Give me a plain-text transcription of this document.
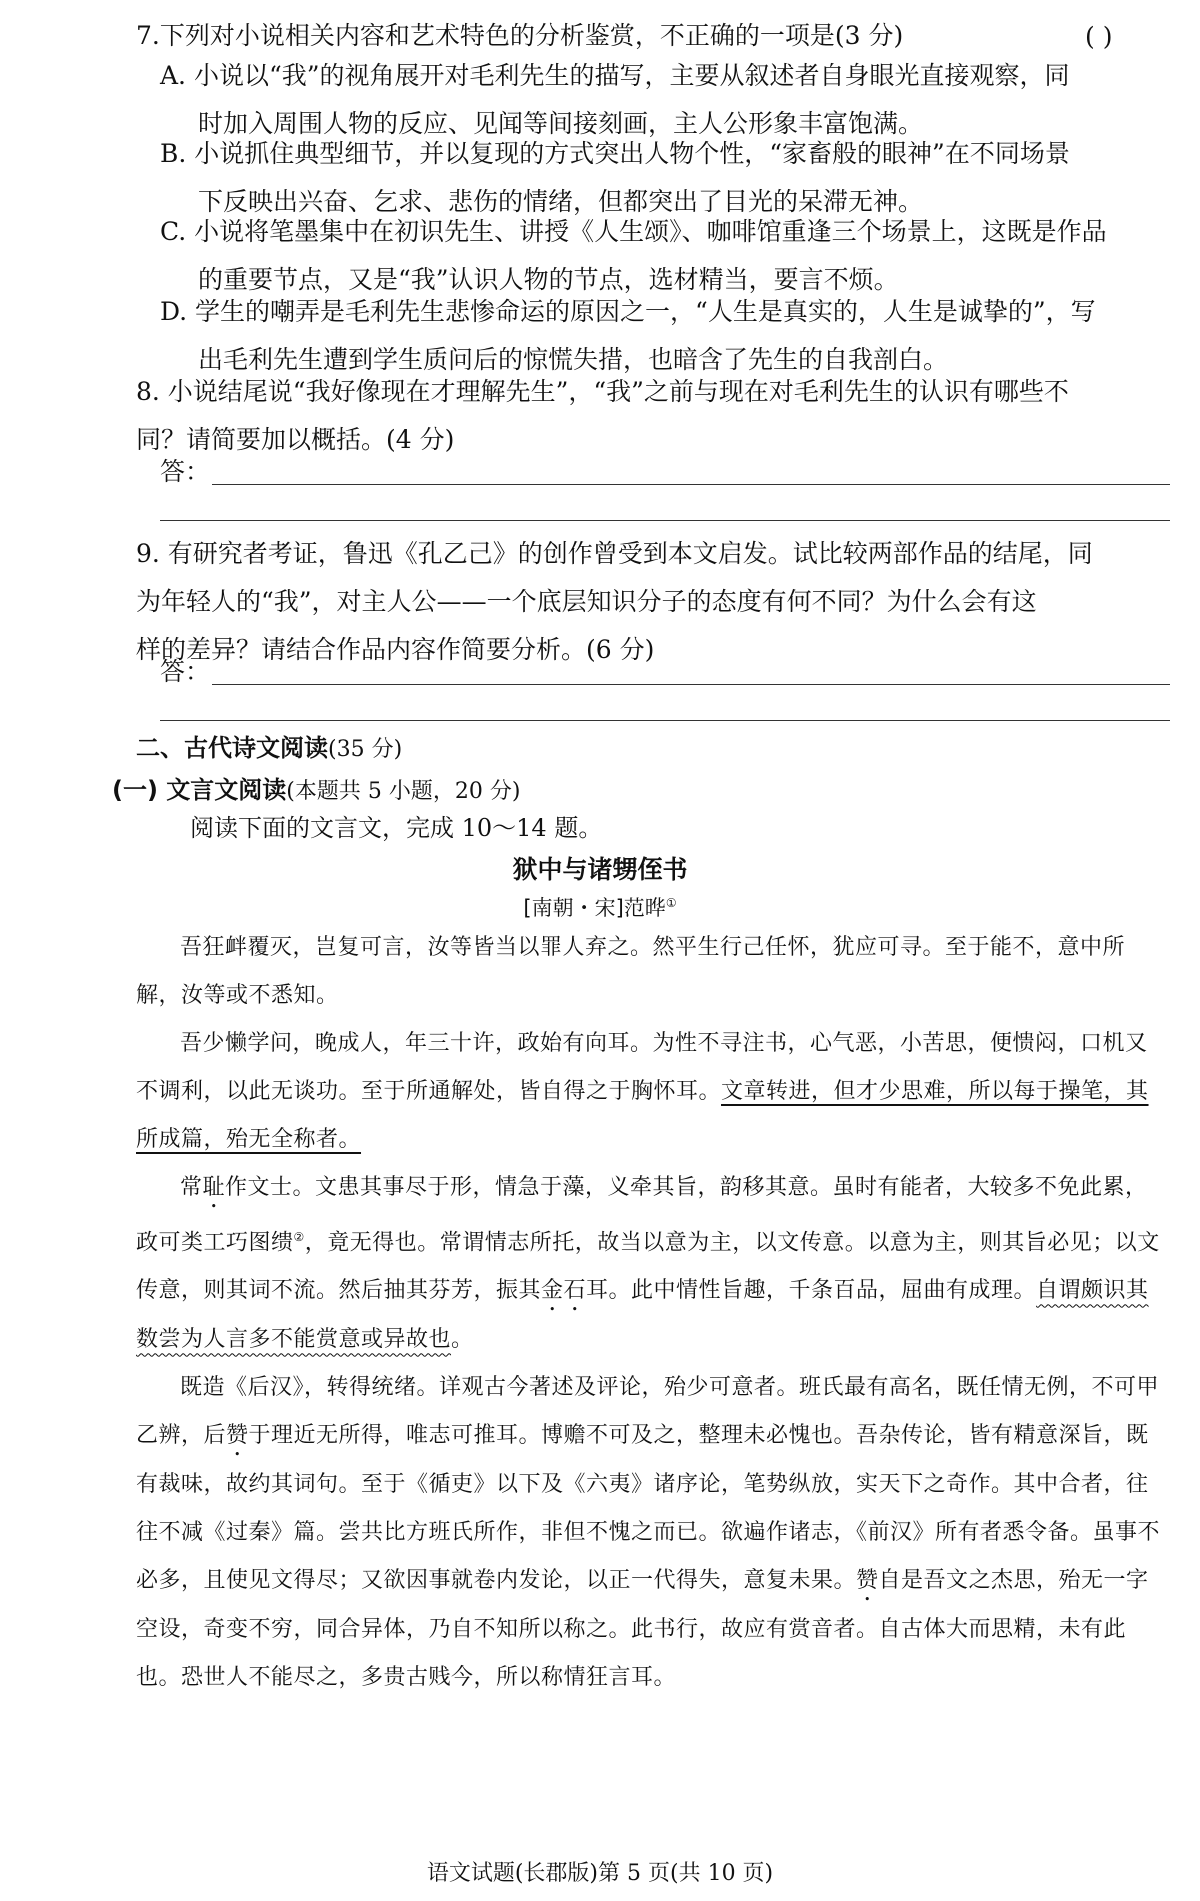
7.下列对小说相关内容和艺术特色的分析鉴赏，不正确的一项是(3 分)	( )
A. 小说以“我”的视角展开对毛利先生的描写，主要从叙述者自身眼光直接观察，同
时加入周围人物的反应、见闻等间接刻画，主人公形象丰富饱满。
B. 小说抓住典型细节，并以复现的方式突出人物个性，“家畜般的眼神”在不同场景
下反映出兴奋、乞求、悲伤的情绪，但都突出了目光的呆滞无神。
C. 小说将笔墨集中在初识先生、讲授《人生颂》、咖啡馆重逢三个场景上，这既是作品
的重要节点，又是“我”认识人物的节点，选材精当，要言不烦。
D. 学生的嘲弄是毛利先生悲惨命运的原因之一，“人生是真实的，人生是诚挚的”，写
出毛利先生遭到学生质问后的惊慌失措，也暗含了先生的自我剖白。
8. 小说结尾说“我好像现在才理解先生”，“我”之前与现在对毛利先生的认识有哪些不
同？请简要加以概括。(4 分)
答：
9. 有研究者考证，鲁迅《孔乙己》的创作曾受到本文启发。试比较两部作品的结尾，同
为年轻人的“我”，对主人公——一个底层知识分子的态度有何不同？为什么会有这
样的差异？请结合作品内容作简要分析。(6 分)
答：
二、古代诗文阅读(35 分)
(一) 文言文阅读(本题共 5 小题，20 分)
阅读下面的文言文，完成 10～14 题。
狱中与诸甥侄书
[南朝・宋]范晔①

吾狂衅覆灭，岂复可言，汝等皆当以罪人弃之。然平生行己任怀，犹应可寻。至于能不，意中所解，汝等或不悉知。

吾少懒学问，晚成人，年三十许，政始有向耳。为性不寻注书，心气恶，小苦思，便愦闷，口机又不调利，以此无谈功。至于所通解处，皆自得之于胸怀耳。文章转进，但才少思难，所以每于操笔，其所成篇，殆无全称者。

常耻作文士。文患其事尽于形，情急于藻，义牵其旨，韵移其意。虽时有能者，大较多不免此累，政可类工巧图缋②，竟无得也。常谓情志所托，故当以意为主，以文传意。以意为主，则其旨必见；以文传意，则其词不流。然后抽其芬芳，振其金石耳。此中情性旨趣，千条百品，屈曲有成理。自谓颇识其数尝为人言多不能赏意或异故也。

既造《后汉》，转得统绪。详观古今著述及评论，殆少可意者。班氏最有高名，既任情无例，不可甲乙辨，后赞于理近无所得，唯志可推耳。博赡不可及之，整理未必愧也。吾杂传论，皆有精意深旨，既有裁味，故约其词句。至于《循吏》以下及《六夷》诸序论，笔势纵放，实天下之奇作。其中合者，往往不减《过秦》篇。尝共比方班氏所作，非但不愧之而已。欲遍作诸志，《前汉》所有者悉令备。虽事不必多，且使见文得尽；又欲因事就卷内发论，以正一代得失，意复未果。赞自是吾文之杰思，殆无一字空设，奇变不穷，同合异体，乃自不知所以称之。此书行，故应有赏音者。自古体大而思精，未有此也。恐世人不能尽之，多贵古贱今，所以称情狂言耳。

语文试题(长郡版)第 5 页(共 10 页)
